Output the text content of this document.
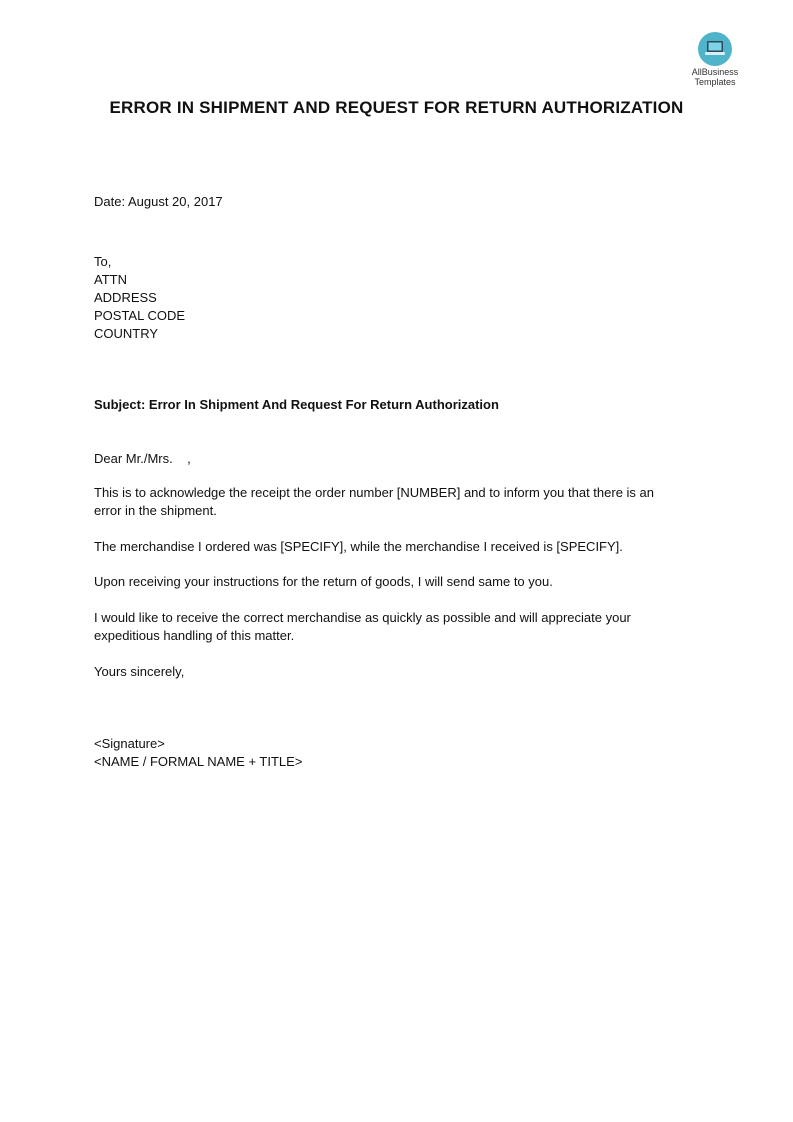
AllBusiness
Templates
ERROR IN SHIPMENT AND REQUEST FOR RETURN AUTHORIZATION

Date: August 20, 2017

To,
ATTN
ADDRESS
POSTAL CODE
COUNTRY

Subject: Error In Shipment And Request For Return Authorization

Dear Mr./Mrs.    ,

This is to acknowledge the receipt the order number [NUMBER] and to inform you that there is an error in the shipment.

The merchandise I ordered was [SPECIFY], while the merchandise I received is [SPECIFY].

Upon receiving your instructions for the return of goods, I will send same to you.

I would like to receive the correct merchandise as quickly as possible and will appreciate your expeditious handling of this matter.

Yours sincerely,

<Signature>
<NAME / FORMAL NAME + TITLE>
